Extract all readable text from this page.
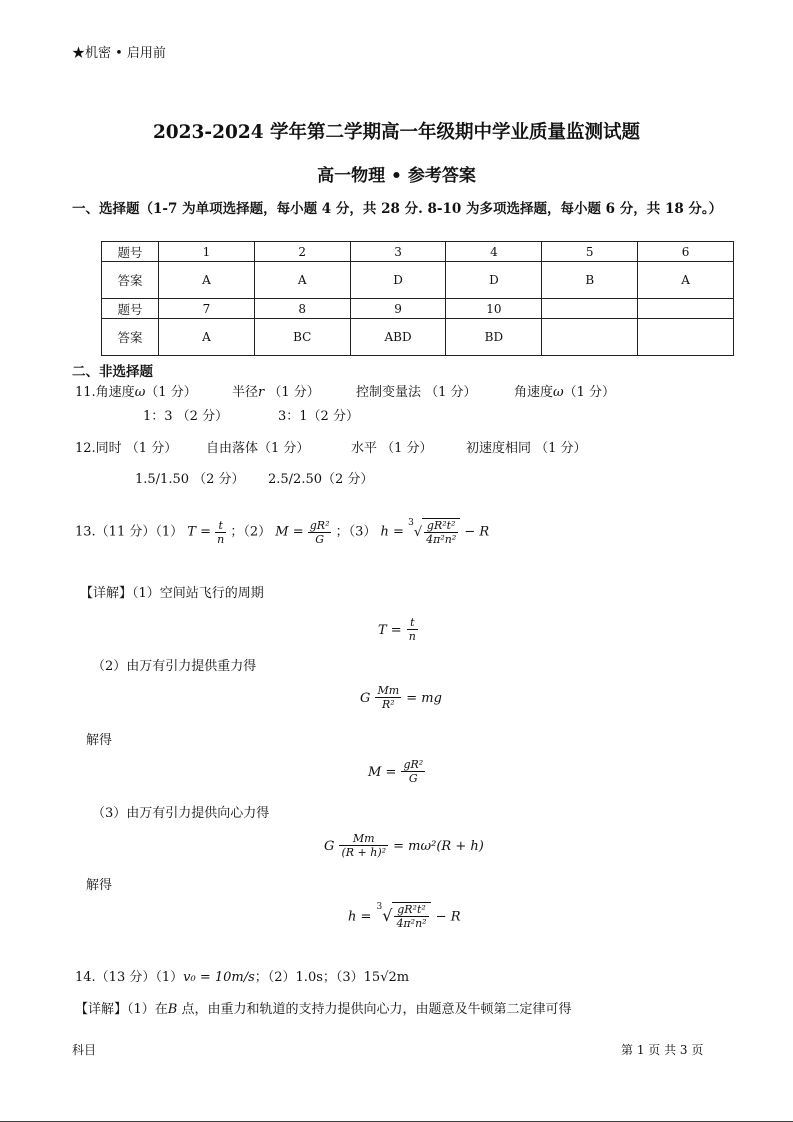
★机密 • 启用前
2023-2024 学年第二学期高一年级期中学业质量监测试题
高一物理 • 参考答案
一、选择题（1-7 为单项选择题，每小题 4 分，共 28 分. 8-10 为多项选择题，每小题 6 分，共 18 分。）
题号	1	2	3	4	5	6
答案	A	A	D	D	B	A
题号	7	8	9	10		
答案	A	BC	ABD	BD		
二、非选择题
11.角速度ω（1 分）	半径r （1 分）	控制变量法 （1 分）	角速度ω（1 分）
1：3 （2 分）	3：1（2 分）
12.同时 （1 分） 自由落体（1 分）	水平 （1 分）	初速度相同 （1 分）
1.5/1.50 （2 分） 2.5/2.50（2 分）
13.（11 分）（1） $T = \frac{t}{n}$ ；（2） $M = \frac{\text{gR²}}{G}$ ；（3） $h = ^3√ \frac{\text{gR²t²}}{\text{4π²n²}} - R$
【详解】（1）空间站飞行的周期
$T = \frac{t}{n}$
（2）由万有引力提供重力得
G $\frac{Mm}{\text{R²}}$ = mg
解得
$M = \frac{\text{gR²}}{G}$
（3）由万有引力提供向心力得
G $\frac{Mm}{\text{(R + h)²}} = m\omega^2(R + h)$
解得
$h = ^3√ \frac{\text{gR²t²}}{\text{4π²n²}} - R$
14.（13 分）（1）v₀ = 10m/s；（2）1.0s；（3）15√2m
【详解】（1）在B 点，由重力和轨道的支持力提供向心力，由题意及牛顿第二定律可得
科目	第 1 页 共 3 页
